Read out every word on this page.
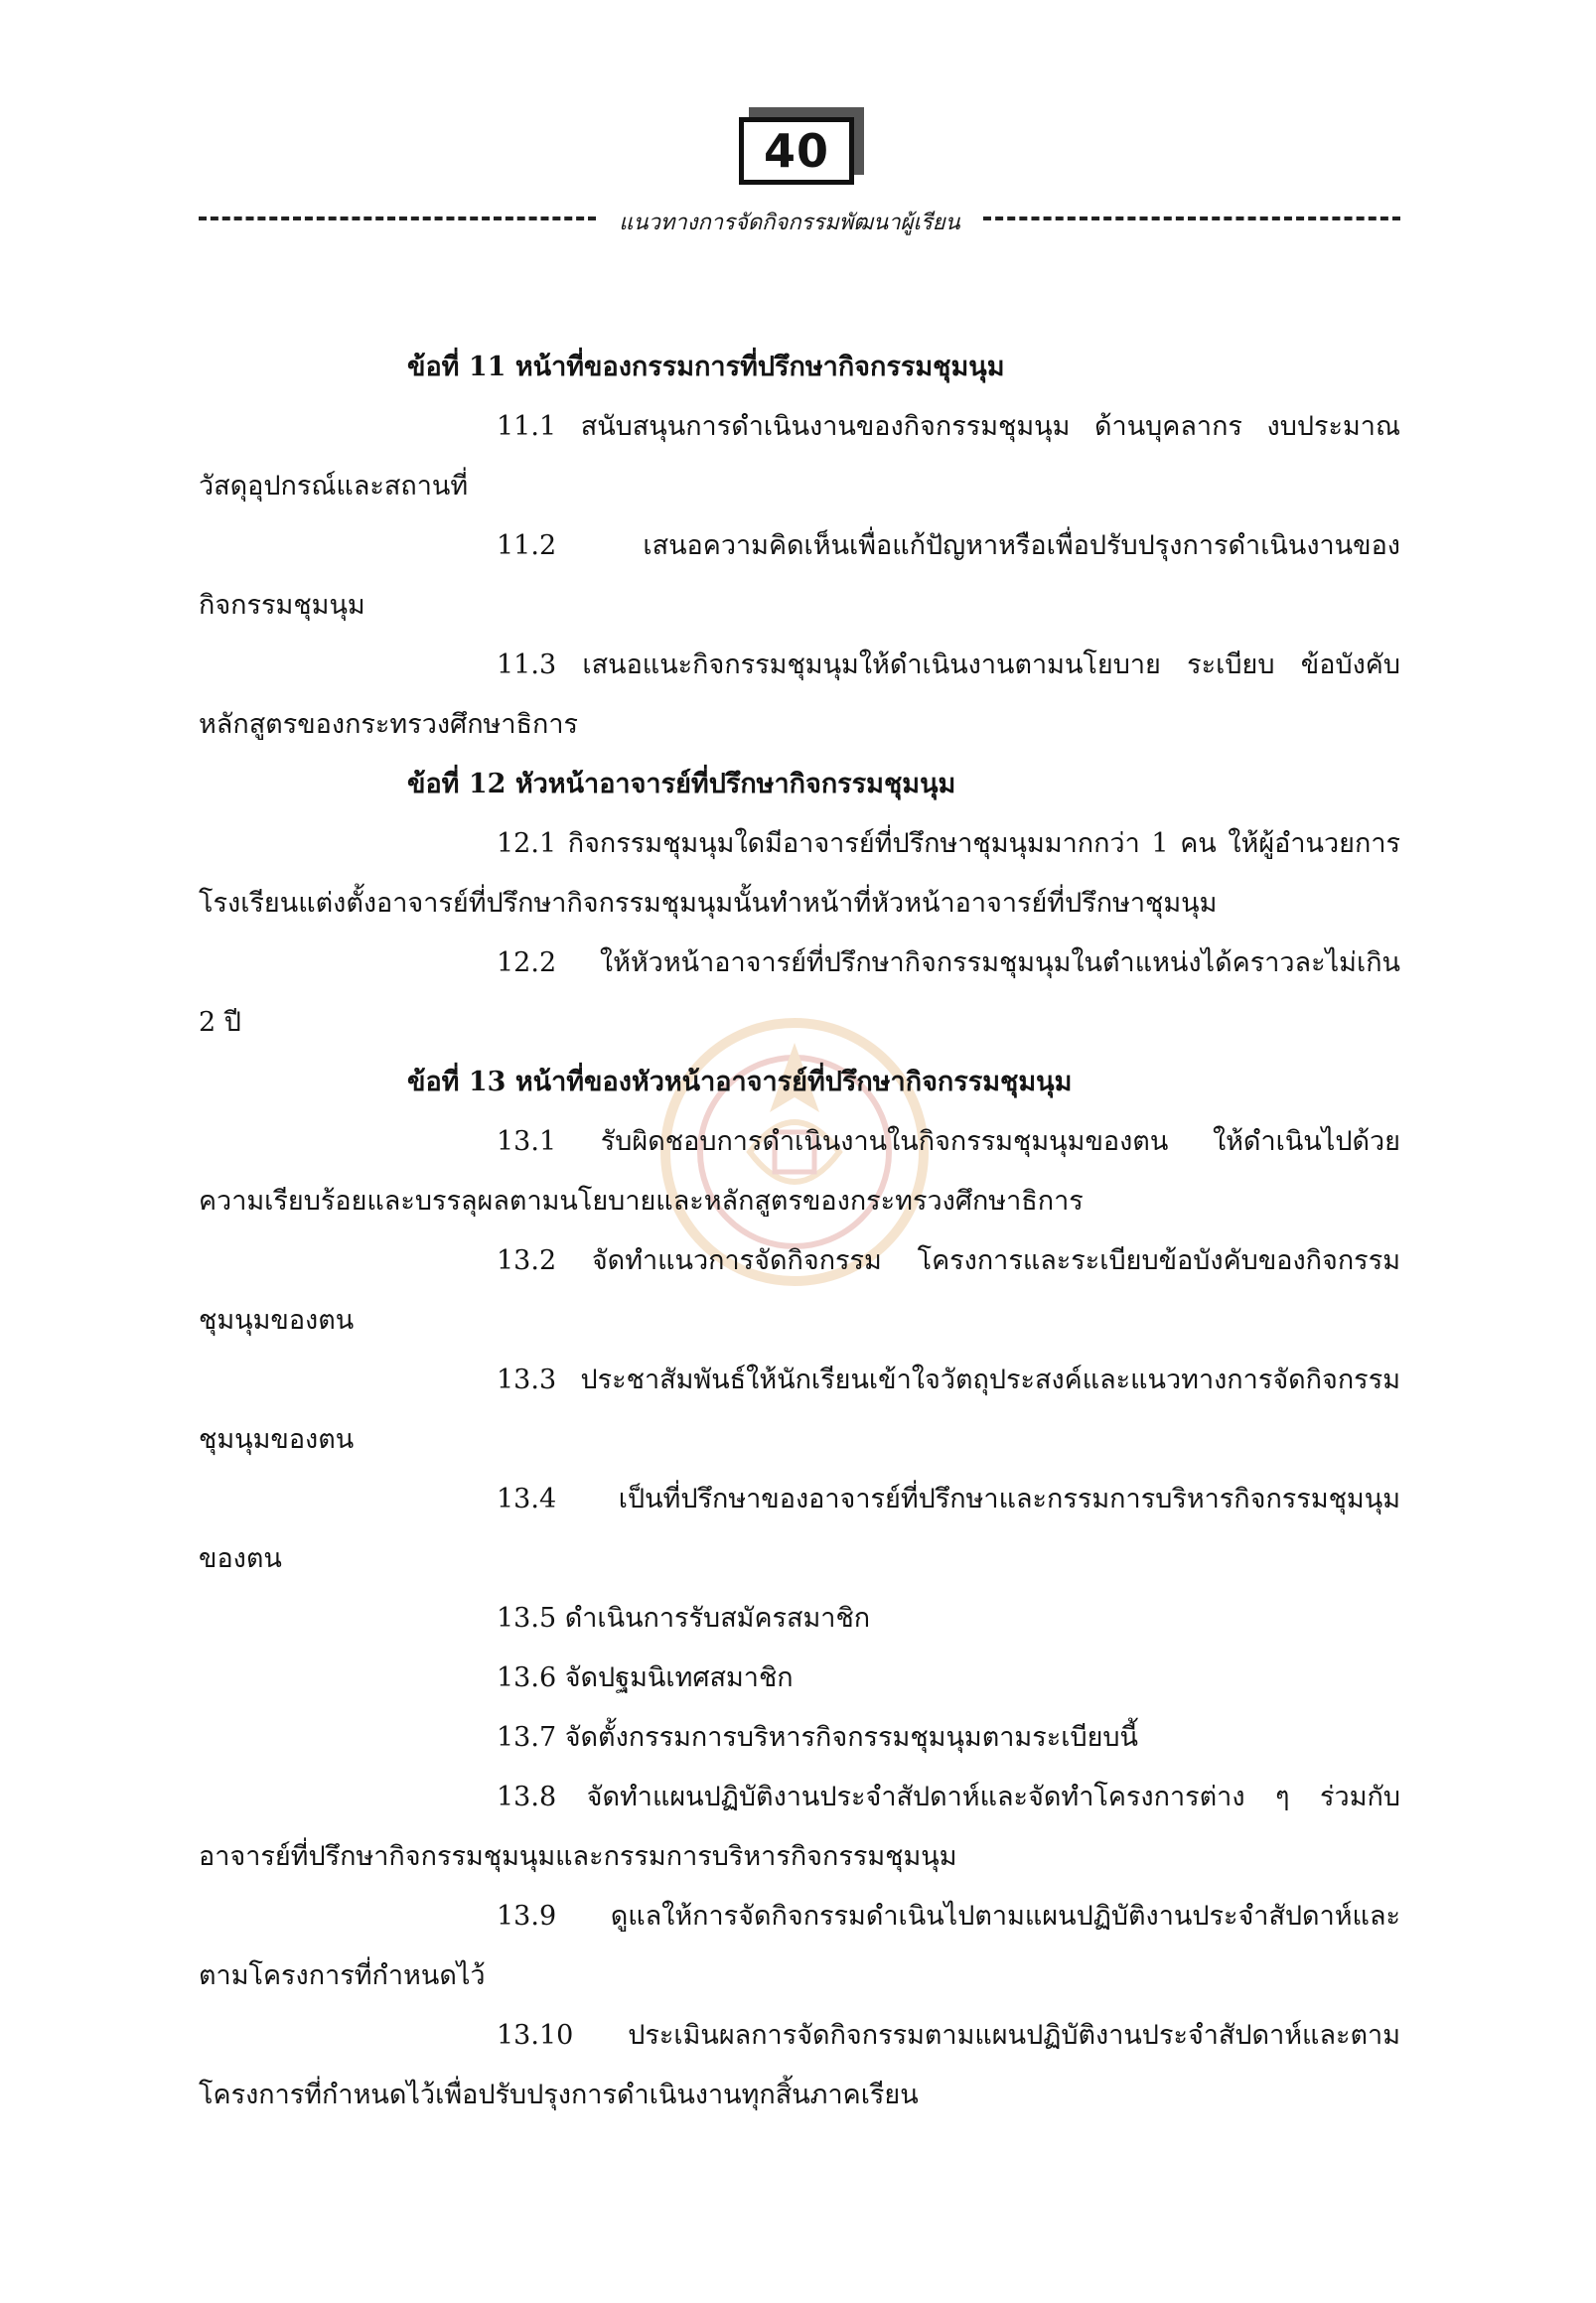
40
แนวทางการจัดกิจกรรมพัฒนาผู้เรียน
ข้อที่ 11 หน้าที่ของกรรมการที่ปรึกษากิจกรรมชุมนุม
11.1 สนับสนุนการดำเนินงานของกิจกรรมชุมนุม ด้านบุคลากร งบประมาณ
วัสดุอุปกรณ์และสถานที่
11.2 เสนอความคิดเห็นเพื่อแก้ปัญหาหรือเพื่อปรับปรุงการดำเนินงานของ
กิจกรรมชุมนุม
11.3 เสนอแนะกิจกรรมชุมนุมให้ดำเนินงานตามนโยบาย ระเบียบ ข้อบังคับ
หลักสูตรของกระทรวงศึกษาธิการ
ข้อที่ 12 หัวหน้าอาจารย์ที่ปรึกษากิจกรรมชุมนุม
12.1 กิจกรรมชุมนุมใดมีอาจารย์ที่ปรึกษาชุมนุมมากกว่า 1 คน ให้ผู้อำนวยการ
โรงเรียนแต่งตั้งอาจารย์ที่ปรึกษากิจกรรมชุมนุมนั้นทำหน้าที่หัวหน้าอาจารย์ที่ปรึกษาชุมนุม
12.2 ให้หัวหน้าอาจารย์ที่ปรึกษากิจกรรมชุมนุมในตำแหน่งได้คราวละไม่เกิน
2 ปี
ข้อที่ 13 หน้าที่ของหัวหน้าอาจารย์ที่ปรึกษากิจกรรมชุมนุม
13.1 รับผิดชอบการดำเนินงานในกิจกรรมชุมนุมของตน ให้ดำเนินไปด้วย
ความเรียบร้อยและบรรลุผลตามนโยบายและหลักสูตรของกระทรวงศึกษาธิการ
13.2 จัดทำแนวการจัดกิจกรรม โครงการและระเบียบข้อบังคับของกิจกรรม
ชุมนุมของตน
13.3 ประชาสัมพันธ์ให้นักเรียนเข้าใจวัตถุประสงค์และแนวทางการจัดกิจกรรม
ชุมนุมของตน
13.4 เป็นที่ปรึกษาของอาจารย์ที่ปรึกษาและกรรมการบริหารกิจกรรมชุมนุม
ของตน
13.5 ดำเนินการรับสมัครสมาชิก
13.6 จัดปฐมนิเทศสมาชิก
13.7 จัดตั้งกรรมการบริหารกิจกรรมชุมนุมตามระเบียบนี้
13.8 จัดทำแผนปฏิบัติงานประจำสัปดาห์และจัดทำโครงการต่าง ๆ ร่วมกับ
อาจารย์ที่ปรึกษากิจกรรมชุมนุมและกรรมการบริหารกิจกรรมชุมนุม
13.9 ดูแลให้การจัดกิจกรรมดำเนินไปตามแผนปฏิบัติงานประจำสัปดาห์และ
ตามโครงการที่กำหนดไว้
13.10 ประเมินผลการจัดกิจกรรมตามแผนปฏิบัติงานประจำสัปดาห์และตาม
โครงการที่กำหนดไว้เพื่อปรับปรุงการดำเนินงานทุกสิ้นภาคเรียน
